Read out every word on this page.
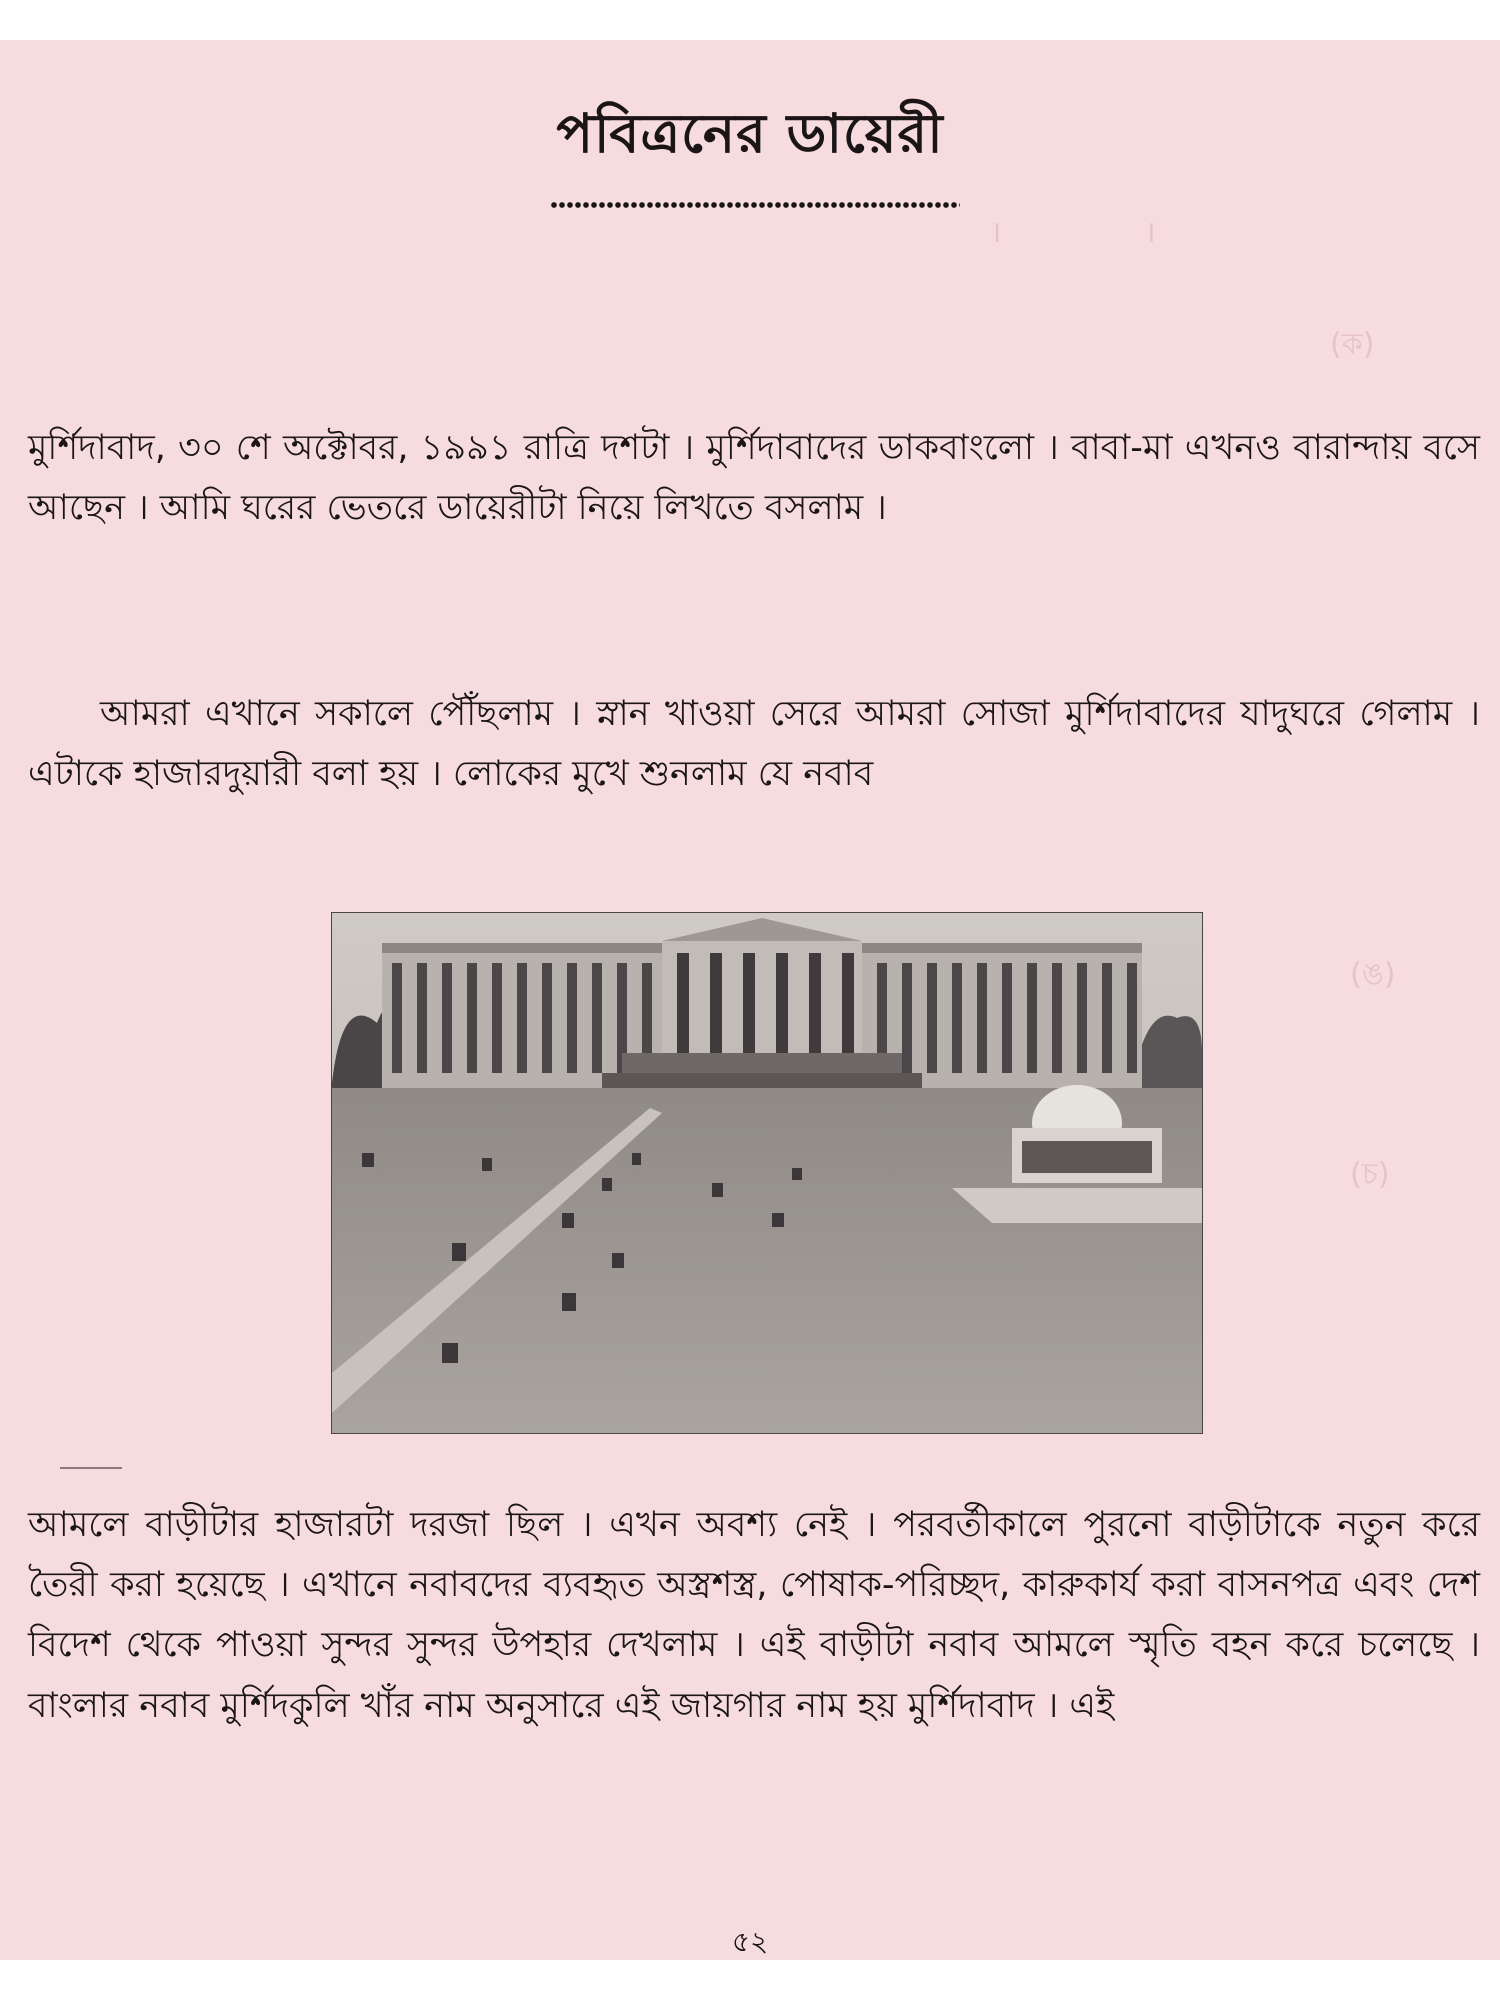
।               ।
(ক)
(ঙ)
(চ)
পবিত্রনের ডায়েরী

মুর্শিদাবাদ, ৩০ শে অক্টোবর, ১৯৯১ রাত্রি দশটা । মুর্শিদাবাদের ডাকবাংলো । বাবা-মা এখনও বারান্দায় বসে আছেন । আমি ঘরের ভেতরে ডায়েরীটা নিয়ে লিখতে বসলাম ।

আমরা এখানে সকালে পৌঁছলাম । স্নান খাওয়া সেরে আমরা সোজা মুর্শিদাবাদের যাদুঘরে গেলাম । এটাকে হাজারদুয়ারী বলা হয় । লোকের মুখে শুনলাম যে নবাব

আমলে বাড়ীটার হাজারটা দরজা ছিল । এখন অবশ্য নেই । পরবর্তীকালে পুরনো বাড়ীটাকে নতুন করে তৈরী করা হয়েছে । এখানে নবাবদের ব্যবহৃত অস্ত্রশস্ত্র, পোষাক-পরিচ্ছদ, কারুকার্য করা বাসনপত্র এবং দেশ বিদেশ থেকে পাওয়া সুন্দর সুন্দর উপহার দেখলাম । এই বাড়ীটা নবাব আমলে স্মৃতি বহন করে চলেছে । বাংলার নবাব মুর্শিদকুলি খাঁর নাম অনুসারে এই জায়গার নাম হয় মুর্শিদাবাদ । এই

৫২
